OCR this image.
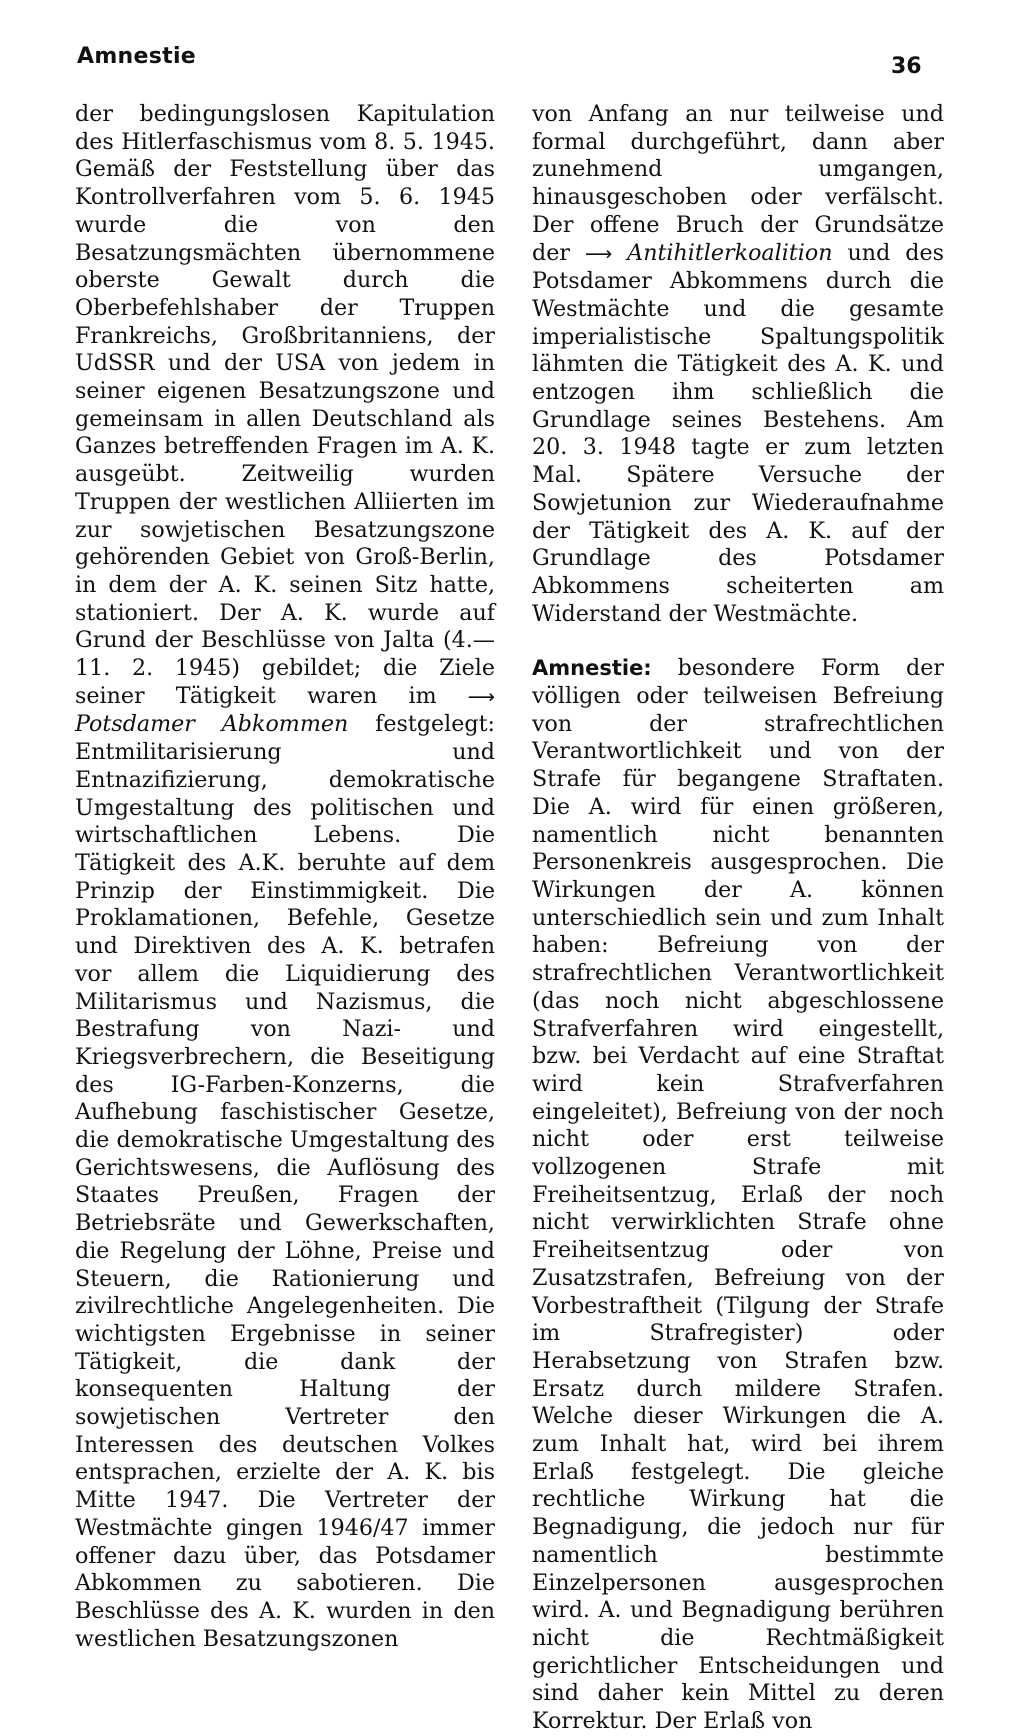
Amnestie	36

der bedingungslosen Kapitulation des Hitlerfaschismus vom 8. 5. 1945. Gemäß der Feststellung über das Kontrollverfahren vom 5. 6. 1945 wurde die von den Besatzungsmächten übernommene oberste Gewalt durch die Oberbefehlshaber der Truppen Frankreichs, Großbritanniens, der UdSSR und der USA von jedem in seiner eigenen Besatzungszone und gemeinsam in allen Deutschland als Ganzes betreffenden Fragen im A. K. ausgeübt. Zeitweilig wurden Truppen der westlichen Alliierten im zur sowjetischen Besatzungszone gehörenden Gebiet von Groß-Berlin, in dem der A. K. seinen Sitz hatte, stationiert. Der A. K. wurde auf Grund der Beschlüsse von Jalta (4.—11. 2. 1945) gebildet; die Ziele seiner Tätigkeit waren im ⟶ Potsdamer Abkommen festgelegt: Entmilitarisierung und Entnazifizierung, demokratische Umgestaltung des politischen und wirtschaftlichen Lebens. Die Tätigkeit des A.K. beruhte auf dem Prinzip der Einstimmigkeit. Die Proklamationen, Befehle, Gesetze und Direktiven des A. K. betrafen vor allem die Liquidierung des Militarismus und Nazismus, die Bestrafung von Nazi- und Kriegsverbrechern, die Beseitigung des IG-Farben-Konzerns, die Aufhebung faschistischer Gesetze, die demokratische Umgestaltung des Gerichtswesens, die Auflösung des Staates Preußen, Fragen der Betriebsräte und Gewerkschaften, die Regelung der Löhne, Preise und Steuern, die Rationierung und zivilrechtliche Angelegenheiten. Die wichtigsten Ergebnisse in seiner Tätigkeit, die dank der konsequenten Haltung der sowjetischen Vertreter den Interessen des deutschen Volkes entsprachen, erzielte der A. K. bis Mitte 1947. Die Vertreter der Westmächte gingen 1946/47 immer offener dazu über, das Potsdamer Abkommen zu sabotieren. Die Beschlüsse des A. K. wurden in den westlichen Besatzungszonen

von Anfang an nur teilweise und formal durchgeführt, dann aber zunehmend umgangen, hinausgeschoben oder verfälscht. Der offene Bruch der Grundsätze der ⟶ Antihitlerkoalition und des Potsdamer Abkommens durch die Westmächte und die gesamte imperialistische Spaltungspolitik lähmten die Tätigkeit des A. K. und entzogen ihm schließlich die Grundlage seines Bestehens. Am 20. 3. 1948 tagte er zum letzten Mal. Spätere Versuche der Sowjetunion zur Wiederaufnahme der Tätigkeit des A. K. auf der Grundlage des Potsdamer Abkommens scheiterten am Widerstand der Westmächte.

Amnestie: besondere Form der völligen oder teilweisen Befreiung von der strafrechtlichen Verantwortlichkeit und von der Strafe für begangene Straftaten. Die A. wird für einen größeren, namentlich nicht benannten Personenkreis ausgesprochen. Die Wirkungen der A. können unterschiedlich sein und zum Inhalt haben: Befreiung von der strafrechtlichen Verantwortlichkeit (das noch nicht abgeschlossene Strafverfahren wird eingestellt, bzw. bei Verdacht auf eine Straftat wird kein Strafverfahren eingeleitet), Befreiung von der noch nicht oder erst teilweise vollzogenen Strafe mit Freiheitsentzug, Erlaß der noch nicht verwirklichten Strafe ohne Freiheitsentzug oder von Zusatzstrafen, Befreiung von der Vorbestraftheit (Tilgung der Strafe im Strafregister) oder Herabsetzung von Strafen bzw. Ersatz durch mildere Strafen. Welche dieser Wirkungen die A. zum Inhalt hat, wird bei ihrem Erlaß festgelegt. Die gleiche rechtliche Wirkung hat die Begnadigung, die jedoch nur für namentlich bestimmte Einzelpersonen ausgesprochen wird. A. und Begnadigung berühren nicht die Rechtmäßigkeit gerichtlicher Entscheidungen und sind daher kein Mittel zu deren Korrektur. Der Erlaß von
